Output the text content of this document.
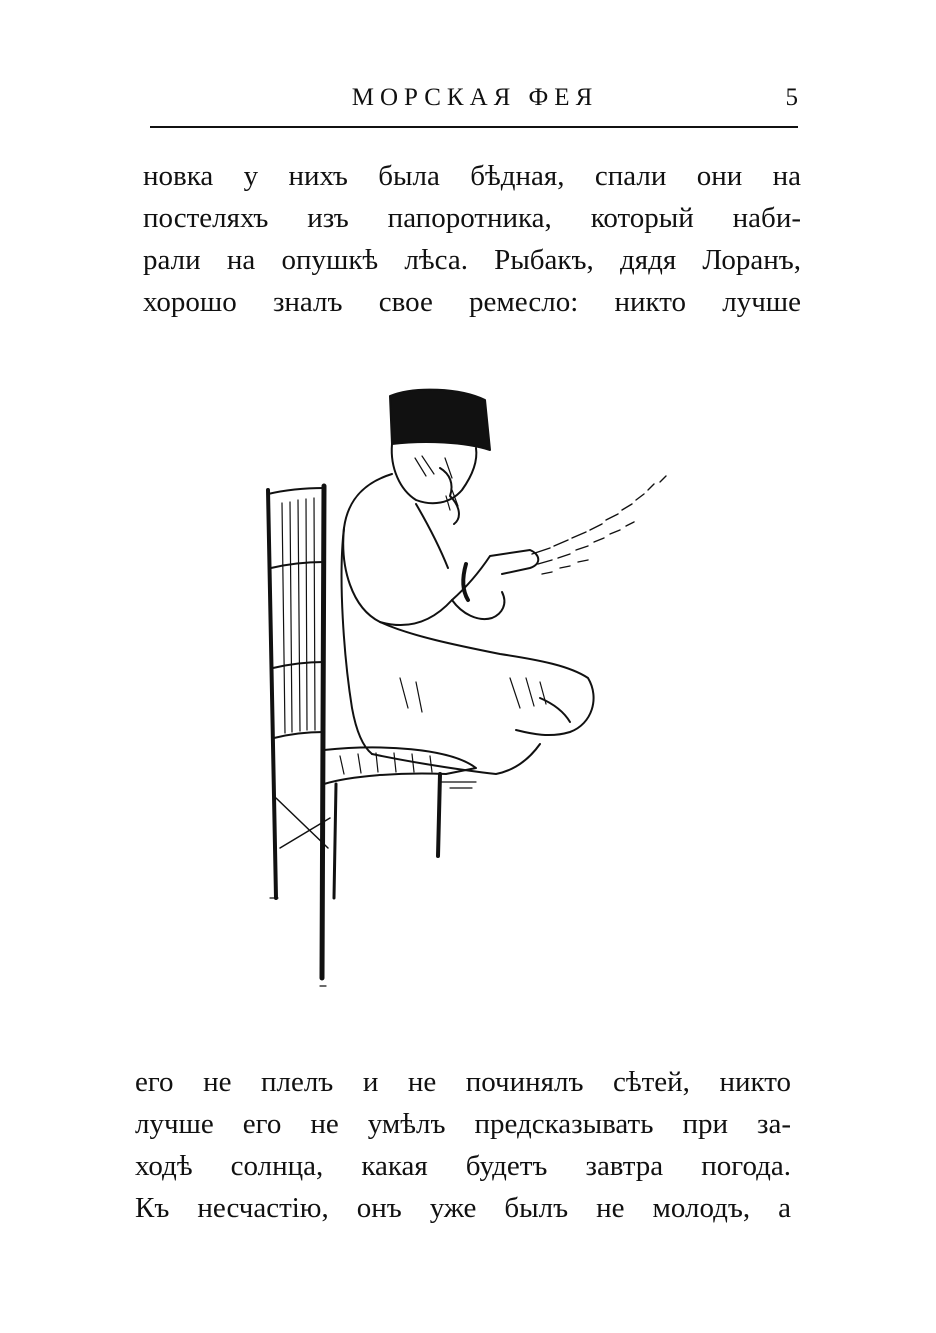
МОРСКАЯ ФЕЯ	5

новка у нихъ была бѣдная, спали они на
постеляхъ изъ папоротника, который наби-
рали на опушкѣ лѣса. Рыбакъ, дядя Лоранъ,
хорошо зналъ свое ремесло: никто лучше

его не плелъ и не починялъ сѣтей, никто
лучше его не умѣлъ предсказывать при за-
ходѣ солнца, какая будетъ завтра погода.
Къ несчастію, онъ уже былъ не молодъ, а
